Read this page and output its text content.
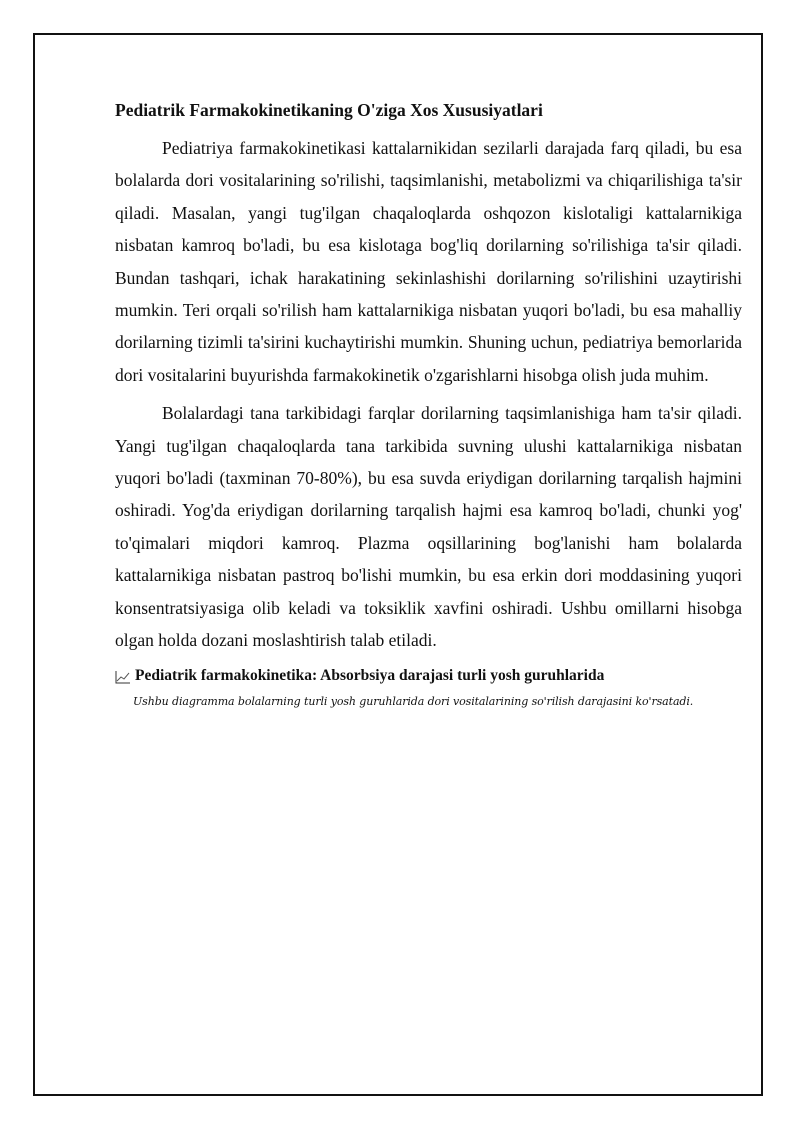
Pediatrik Farmakokinetikaning O'ziga Xos Xususiyatlari

Pediatriya farmakokinetikasi kattalarnikidan sezilarli darajada farq qiladi, bu esa bolalarda dori vositalarining so'rilishi, taqsimlanishi, metabolizmi va chiqarilishiga ta'sir qiladi. Masalan, yangi tug'ilgan chaqaloqlarda oshqozon kislotaligi kattalarnikiga nisbatan kamroq bo'ladi, bu esa kislotaga bog'liq dorilarning so'rilishiga ta'sir qiladi. Bundan tashqari, ichak harakatining sekinlashishi dorilarning so'rilishini uzaytirishi mumkin. Teri orqali so'rilish ham kattalarnikiga nisbatan yuqori bo'ladi, bu esa mahalliy dorilarning tizimli ta'sirini kuchaytirishi mumkin. Shuning uchun, pediatriya bemorlarida dori vositalarini buyurishda farmakokinetik o'zgarishlarni hisobga olish juda muhim.

Bolalardagi tana tarkibidagi farqlar dorilarning taqsimlanishiga ham ta'sir qiladi. Yangi tug'ilgan chaqaloqlarda tana tarkibida suvning ulushi kattalarnikiga nisbatan yuqori bo'ladi (taxminan 70-80%), bu esa suvda eriydigan dorilarning tarqalish hajmini oshiradi. Yog'da eriydigan dorilarning tarqalish hajmi esa kamroq bo'ladi, chunki yog' to'qimalari miqdori kamroq. Plazma oqsillarining bog'lanishi ham bolalarda kattalarnikiga nisbatan pastroq bo'lishi mumkin, bu esa erkin dori moddasining yuqori konsentratsiyasiga olib keladi va toksiklik xavfini oshiradi. Ushbu omillarni hisobga olgan holda dozani moslashtirish talab etiladi.

Pediatrik farmakokinetika: Absorbsiya darajasi turli yosh guruhlarida
Ushbu diagramma bolalarning turli yosh guruhlarida dori vositalarining so'rilish darajasini ko'rsatadi.
